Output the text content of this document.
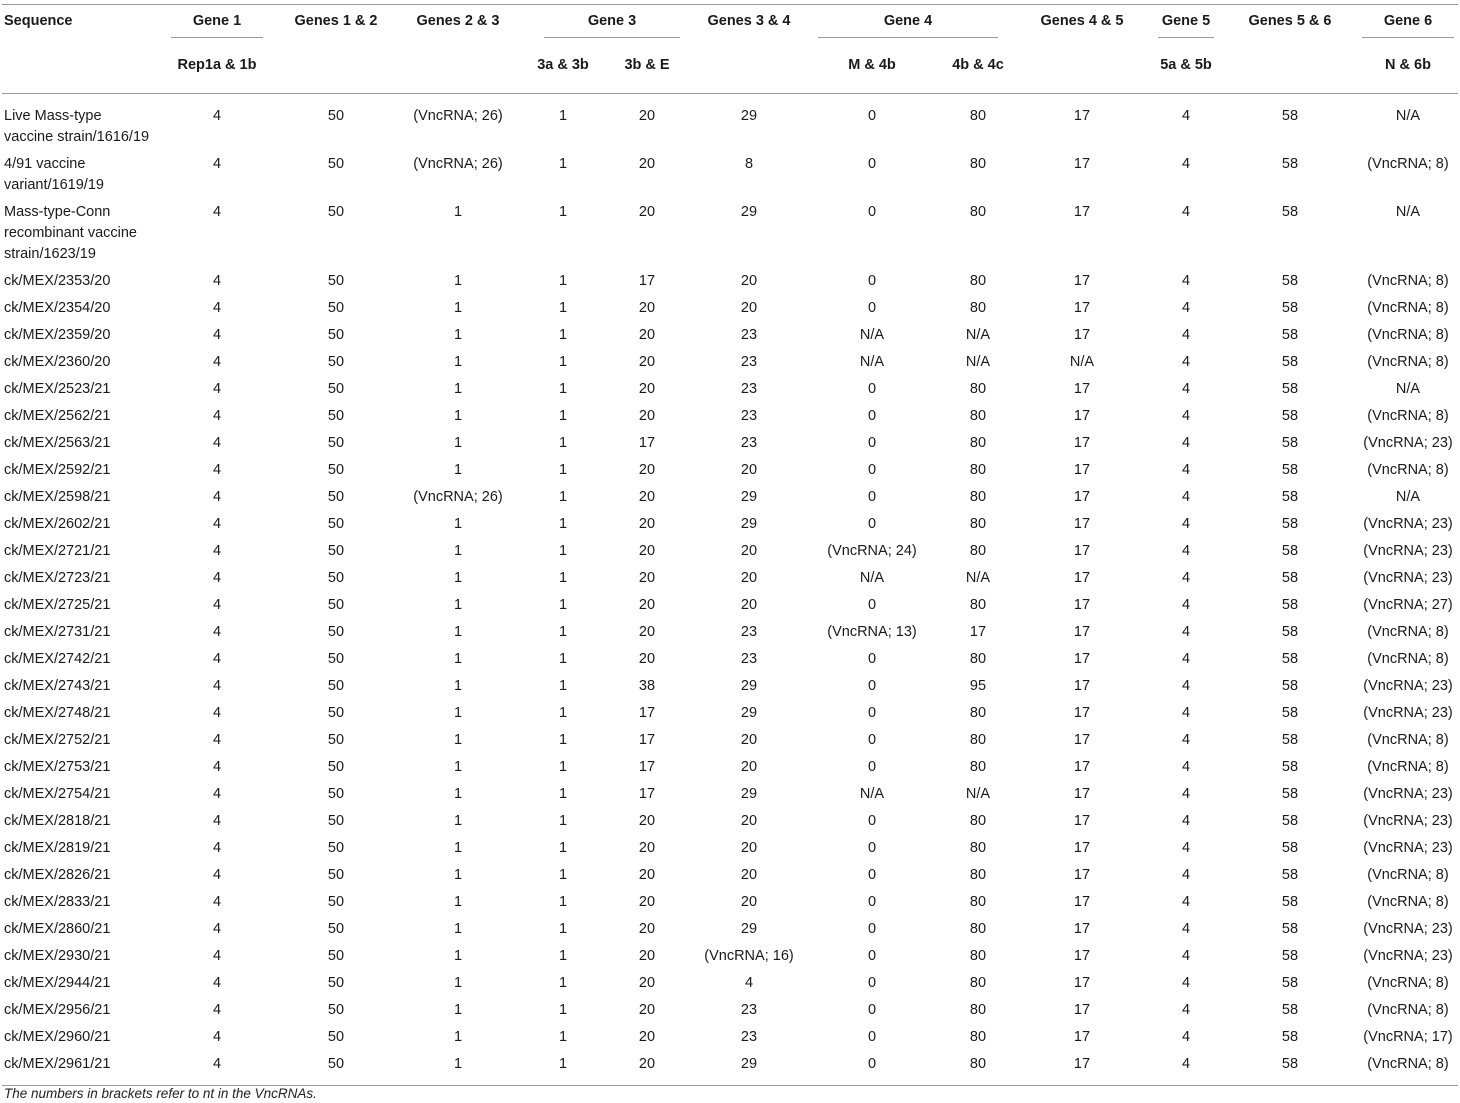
Sequence	Gene 1	Genes 1 & 2	Genes 2 & 3	Gene 3		Genes 3 & 4	Gene 4		Genes 4 & 5	Gene 5	Genes 5 & 6	Gene 6

	Rep1a & 1b			3a & 3b	3b & E		M & 4b	4b & 4c		5a & 5b		N & 6b
Live Mass-type vaccine strain/1616/19	4	50	(VncRNA; 26)	1	20	29	0	80	17	4	58	N/A
4/91 vaccine variant/1619/19	4	50	(VncRNA; 26)	1	20	8	0	80	17	4	58	(VncRNA; 8)
Mass-type-Conn recombinant vaccine strain/1623/19	4	50	1	1	20	29	0	80	17	4	58	N/A
ck/MEX/2353/20	4	50	1	1	17	20	0	80	17	4	58	(VncRNA; 8)
ck/MEX/2354/20	4	50	1	1	20	20	0	80	17	4	58	(VncRNA; 8)
ck/MEX/2359/20	4	50	1	1	20	23	N/A	N/A	17	4	58	(VncRNA; 8)
ck/MEX/2360/20	4	50	1	1	20	23	N/A	N/A	N/A	4	58	(VncRNA; 8)
ck/MEX/2523/21	4	50	1	1	20	23	0	80	17	4	58	N/A
ck/MEX/2562/21	4	50	1	1	20	23	0	80	17	4	58	(VncRNA; 8)
ck/MEX/2563/21	4	50	1	1	17	23	0	80	17	4	58	(VncRNA; 23)
ck/MEX/2592/21	4	50	1	1	20	20	0	80	17	4	58	(VncRNA; 8)
ck/MEX/2598/21	4	50	(VncRNA; 26)	1	20	29	0	80	17	4	58	N/A
ck/MEX/2602/21	4	50	1	1	20	29	0	80	17	4	58	(VncRNA; 23)
ck/MEX/2721/21	4	50	1	1	20	20	(VncRNA; 24)	80	17	4	58	(VncRNA; 23)
ck/MEX/2723/21	4	50	1	1	20	20	N/A	N/A	17	4	58	(VncRNA; 23)
ck/MEX/2725/21	4	50	1	1	20	20	0	80	17	4	58	(VncRNA; 27)
ck/MEX/2731/21	4	50	1	1	20	23	(VncRNA; 13)	17	17	4	58	(VncRNA; 8)
ck/MEX/2742/21	4	50	1	1	20	23	0	80	17	4	58	(VncRNA; 8)
ck/MEX/2743/21	4	50	1	1	38	29	0	95	17	4	58	(VncRNA; 23)
ck/MEX/2748/21	4	50	1	1	17	29	0	80	17	4	58	(VncRNA; 23)
ck/MEX/2752/21	4	50	1	1	17	20	0	80	17	4	58	(VncRNA; 8)
ck/MEX/2753/21	4	50	1	1	17	20	0	80	17	4	58	(VncRNA; 8)
ck/MEX/2754/21	4	50	1	1	17	29	N/A	N/A	17	4	58	(VncRNA; 23)
ck/MEX/2818/21	4	50	1	1	20	20	0	80	17	4	58	(VncRNA; 23)
ck/MEX/2819/21	4	50	1	1	20	20	0	80	17	4	58	(VncRNA; 23)
ck/MEX/2826/21	4	50	1	1	20	20	0	80	17	4	58	(VncRNA; 8)
ck/MEX/2833/21	4	50	1	1	20	20	0	80	17	4	58	(VncRNA; 8)
ck/MEX/2860/21	4	50	1	1	20	29	0	80	17	4	58	(VncRNA; 23)
ck/MEX/2930/21	4	50	1	1	20	(VncRNA; 16)	0	80	17	4	58	(VncRNA; 23)
ck/MEX/2944/21	4	50	1	1	20	4	0	80	17	4	58	(VncRNA; 8)
ck/MEX/2956/21	4	50	1	1	20	23	0	80	17	4	58	(VncRNA; 8)
ck/MEX/2960/21	4	50	1	1	20	23	0	80	17	4	58	(VncRNA; 17)
ck/MEX/2961/21	4	50	1	1	20	29	0	80	17	4	58	(VncRNA; 8)
The numbers in brackets refer to nt in the VncRNAs.
